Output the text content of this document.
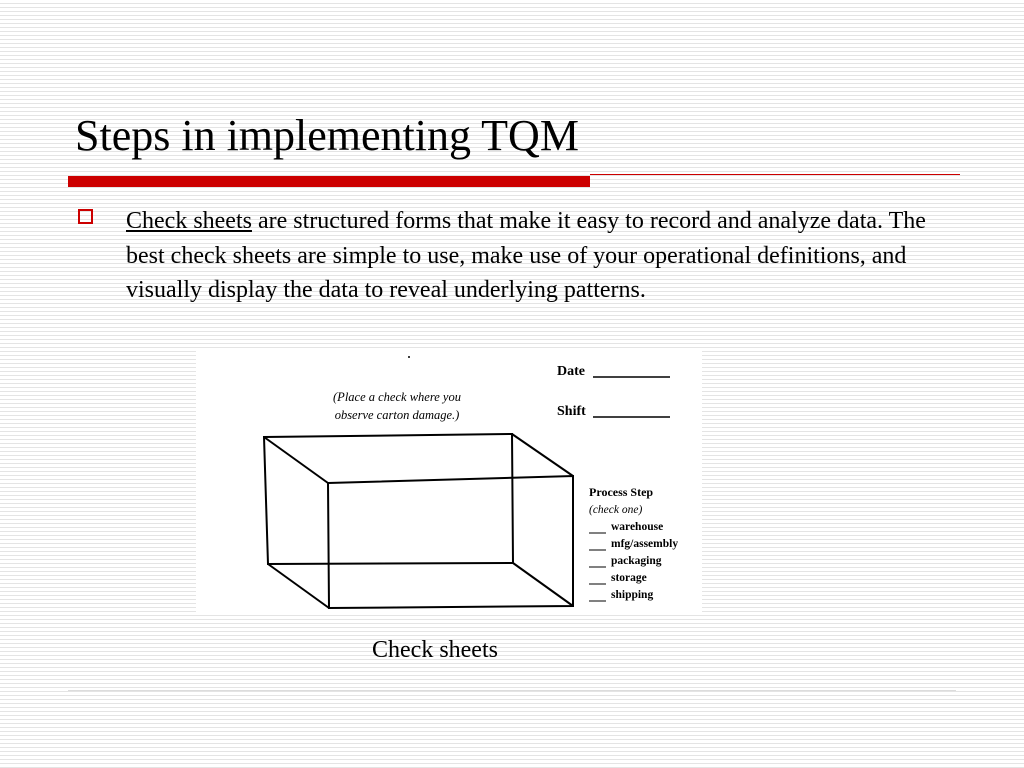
Steps in implementing TQM

Check sheets are structured forms that make it easy to record and analyze data. The best check sheets are simple to use, make use of your operational definitions, and visually display the data to reveal underlying patterns.

(Place a check where you
observe carton damage.)
Date
Shift
Process Step
(check one)
warehouse
mfg/assembly
packaging
storage
shipping

Check sheets
